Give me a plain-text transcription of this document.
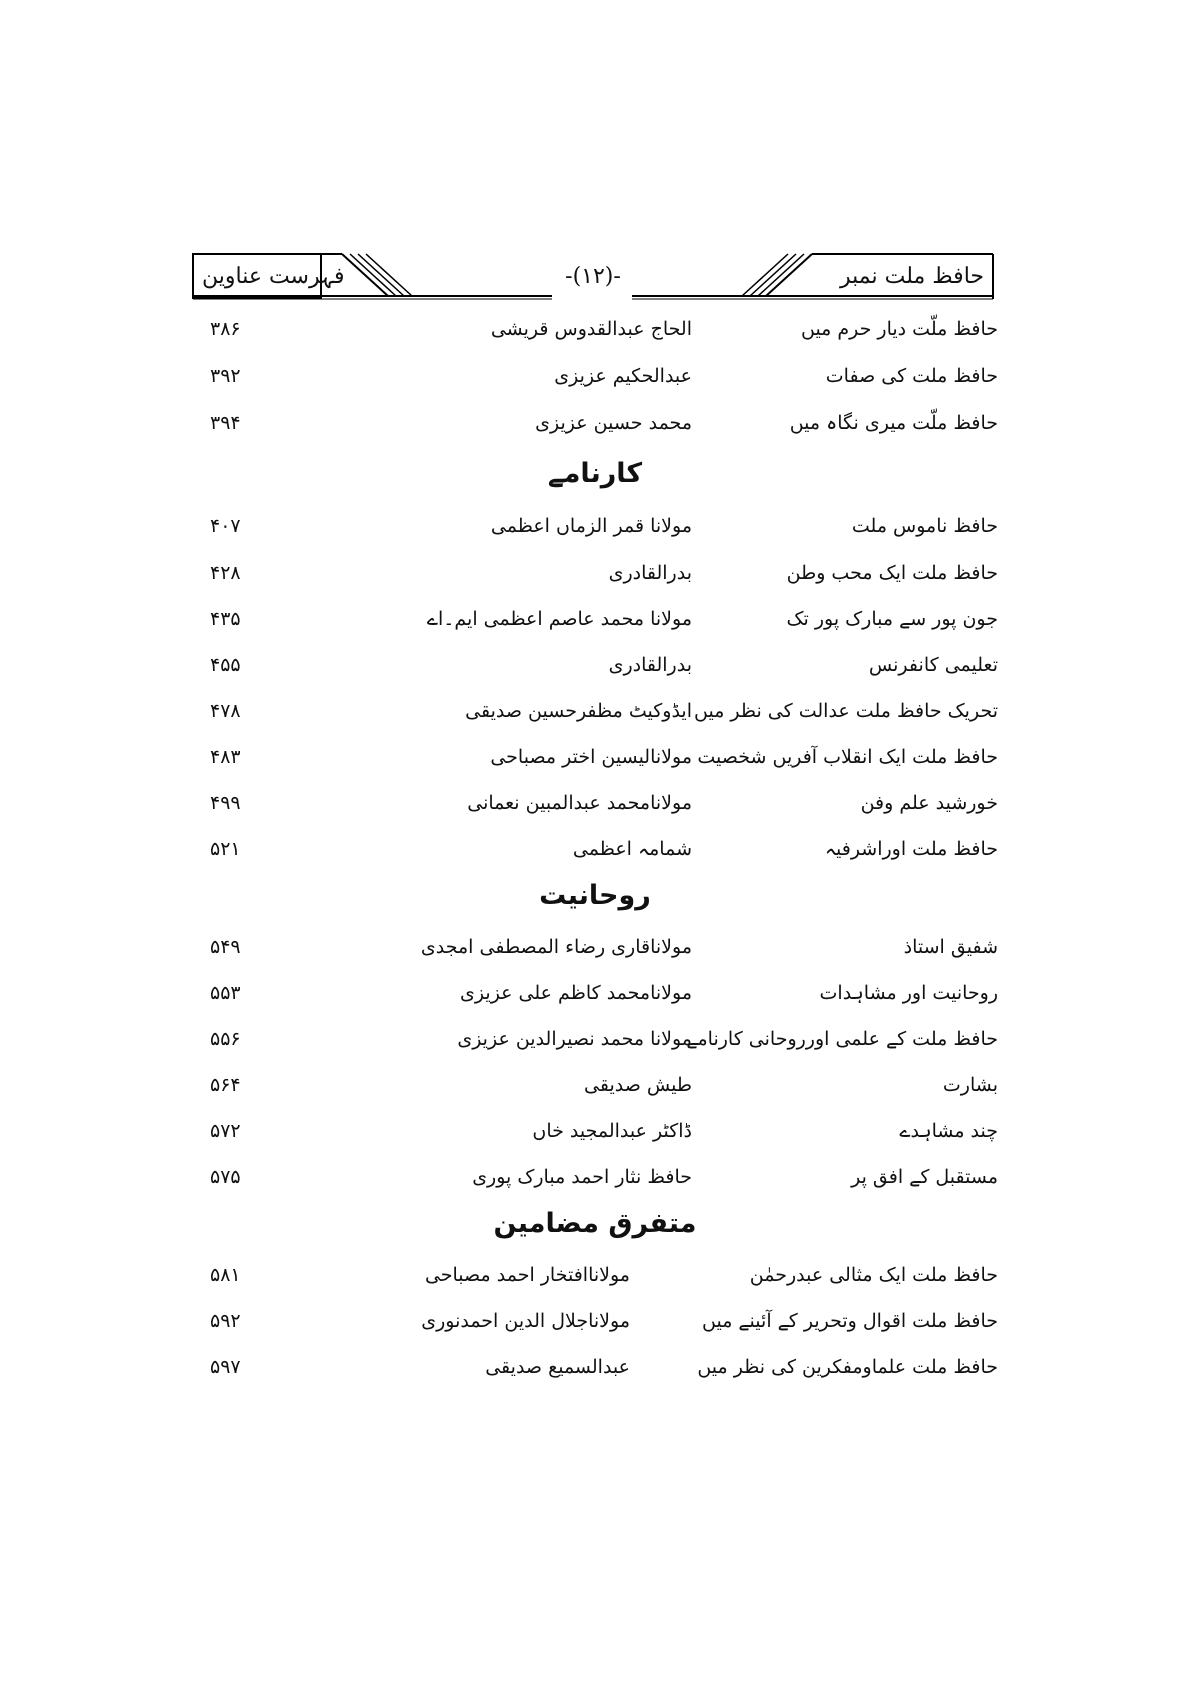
حافظ ملت نمبر
-(۱۲)-
فہرست عناوین
حافظ ملّت دیار حرم میں
الحاج عبدالقدوس قریشی
۳۸۶
حافظ ملت کی صفات
عبدالحکیم عزیزی
۳۹۲
حافظ ملّت میری نگاہ میں
محمد حسین عزیزی
۳۹۴
کارنامے
حافظ ناموس ملت
مولانا قمر الزماں اعظمی
۴۰۷
حافظ ملت ایک محب وطن
بدرالقادری
۴۲۸
جون پور سے مبارک پور تک
مولانا محمد عاصم اعظمی ایم۔اے
۴۳۵
تعلیمی کانفرنس
بدرالقادری
۴۵۵
تحریک حافظ ملت عدالت کی نظر میں
ایڈوکیٹ مظفرحسین صدیقی
۴۷۸
حافظ ملت ایک انقلاب آفریں شخصیت
مولانالیسین اختر مصباحی
۴۸۳
خورشید علم وفن
مولانامحمد عبدالمبین نعمانی
۴۹۹
حافظ ملت اوراشرفیہ
شمامہ اعظمی
۵۲۱
روحانیت
شفیق استاذ
مولاناقاری رضاء المصطفی امجدی
۵۴۹
روحانیت اور مشاہدات
مولانامحمد کاظم علی عزیزی
۵۵۳
حافظ ملت کے علمی اورروحانی کارنامے
مولانا محمد نصیرالدین عزیزی
۵۵۶
بشارت
طیش صدیقی
۵۶۴
چند مشاہدے
ڈاکٹر عبدالمجید خاں
۵۷۲
مستقبل کے افق پر
حافظ نثار احمد مبارک پوری
۵۷۵
متفرق مضامین
حافظ ملت ایک مثالی عبدرحمٰن
مولاناافتخار احمد مصباحی
۵۸۱
حافظ ملت اقوال وتحریر کے آئینے میں
مولاناجلال الدین احمدنوری
۵۹۲
حافظ ملت علماومفکرین کی نظر میں
عبدالسمیع صدیقی
۵۹۷
